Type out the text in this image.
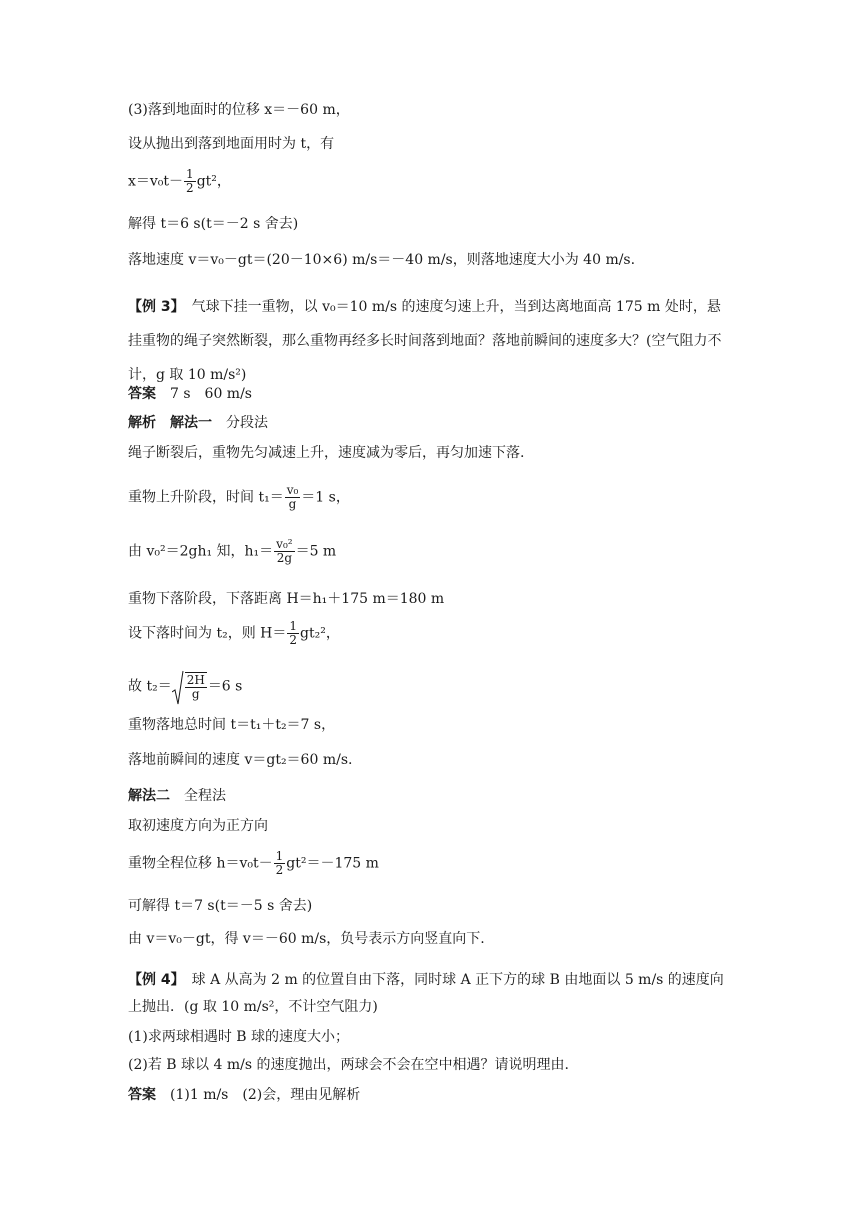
(3)落到地面时的位移 x＝－60 m，
设从抛出到落到地面用时为 t，有
$x=v_0t- \frac{1}{2} gt^2$，
解得 t＝6 s(t＝－2 s 舍去)
落地速度 v＝v₀－gt＝(20－10×6) m/s＝－40 m/s，则落地速度大小为 40 m/s.
【例 3】　 气球下挂一重物，以 v₀＝10 m/s 的速度匀速上升，当到达离地面高 175 m 处时，悬挂重物的绳子突然断裂，那么重物再经多长时间落到地面？落地前瞬间的速度多大？(空气阻力不计，g 取 10 m/s²)
答案　 7 s　60 m/s
解析　 解法一　 分段法
绳子断裂后，重物先匀减速上升，速度减为零后，再匀加速下落.
重物上升阶段，时间 $t_1= \frac{\text{v₀}}{g} =1$ s，
由 v₀²＝2gh₁ 知，$h_1= \frac{\text{v₀²}}{2g} =5$ m
重物下落阶段，下落距离 H＝h₁＋175 m＝180 m
设下落时间为 t₂，则 $H= \frac{1}{2} gt_2^2$，
故 $t_2= \frac{2H}{g} =6$ s
重物落地总时间 t＝t₁＋t₂＝7 s，
落地前瞬间的速度 v＝gt₂＝60 m/s.
解法二　 全程法
取初速度方向为正方向
重物全程位移 $h=v_0t- \frac{1}{2} gt^2=-175$ m
可解得 t＝7 s(t＝－5 s 舍去)
由 v＝v₀－gt，得 v＝－60 m/s，负号表示方向竖直向下.
【例 4】　 球 A 从高为 2 m 的位置自由下落，同时球 A 正下方的球 B 由地面以 5 m/s 的速度向上抛出．(g 取 10 m/s²，不计空气阻力)
(1)求两球相遇时 B 球的速度大小；
(2)若 B 球以 4 m/s 的速度抛出，两球会不会在空中相遇？请说明理由.
答案　 (1)1 m/s　(2)会，理由见解析
